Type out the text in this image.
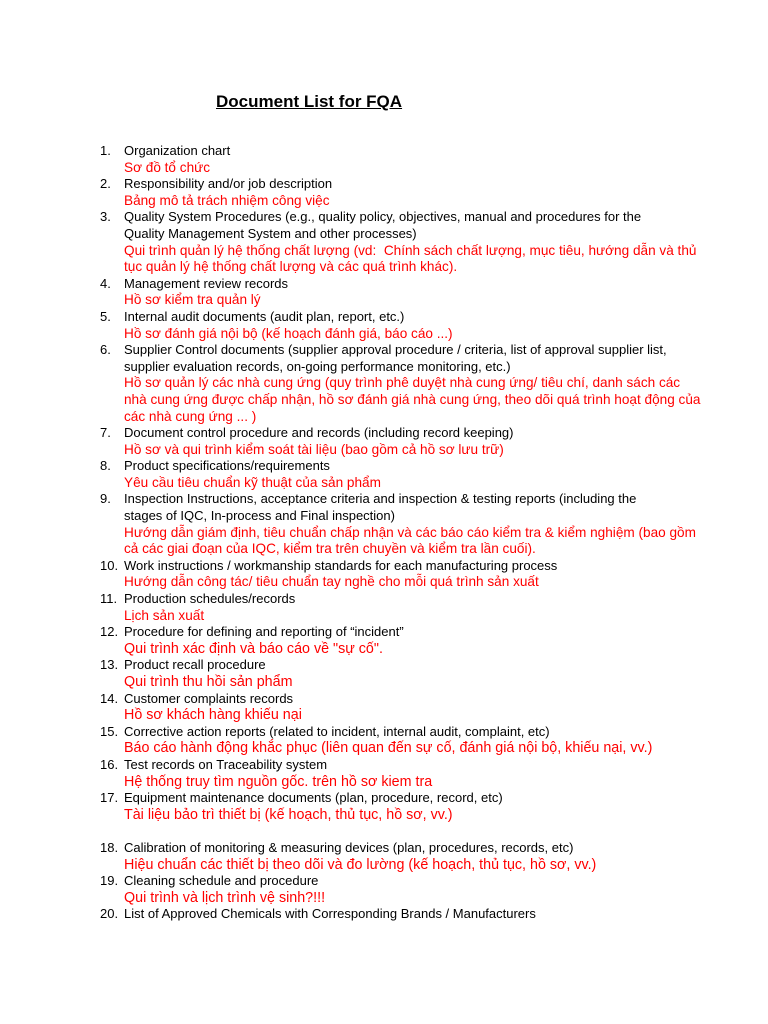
Document List for FQA
1. Organization chart
Sơ đồ tổ chức
2. Responsibility and/or job description
Bảng mô tả trách nhiệm công việc
3. Quality System Procedures (e.g., quality policy, objectives, manual and procedures for the
Quality Management System and other processes)
Qui trình quản lý hệ thống chất lượng (vd:  Chính sách chất lượng, mục tiêu, hướng dẫn và thủ
tục quản lý hệ thống chất lượng và các quá trình khác).
4. Management review records
Hồ sơ kiểm tra quản lý
5. Internal audit documents (audit plan, report, etc.)
Hồ sơ đánh giá nội bộ (kế hoạch đánh giá, báo cáo ...)
6. Supplier Control documents (supplier approval procedure / criteria, list of approval supplier list,
supplier evaluation records, on-going performance monitoring, etc.)
Hồ sơ quản lý các nhà cung ứng (quy trình phê duyệt nhà cung ứng/ tiêu chí, danh sách các
nhà cung ứng được chấp nhận, hồ sơ đánh giá nhà cung ứng, theo dõi quá trình hoạt động của
các nhà cung ứng ... )
7. Document control procedure and records (including record keeping)
Hồ sơ và qui trình kiểm soát tài liệu (bao gồm cả hồ sơ lưu trữ)
8. Product specifications/requirements
Yêu cầu tiêu chuẩn kỹ thuật của sản phẩm
9. Inspection Instructions, acceptance criteria and inspection & testing reports (including the
stages of IQC, In-process and Final inspection)
Hướng dẫn giám định, tiêu chuẩn chấp nhận và các báo cáo kiểm tra & kiểm nghiệm (bao gồm
cả các giai đoạn của IQC, kiểm tra trên chuyền và kiểm tra lần cuối).
10. Work instructions / workmanship standards for each manufacturing process
Hướng dẫn công tác/ tiêu chuẩn tay nghề cho mỗi quá trình sản xuất
11. Production schedules/records
Lịch sản xuất
12. Procedure for defining and reporting of “incident”
Qui trình xác định và báo cáo về "sự cố".
13. Product recall procedure
Qui trình thu hồi sản phẩm
14. Customer complaints records
Hồ sơ khách hàng khiếu nại
15. Corrective action reports (related to incident, internal audit, complaint, etc)
Báo cáo hành động khắc phục (liên quan đến sự cố, đánh giá nội bộ, khiếu nại, vv.)
16. Test records on Traceability system
Hệ thống truy tìm nguồn gốc. trên hồ sơ kiem tra
17. Equipment maintenance documents (plan, procedure, record, etc)
Tài liệu bảo trì thiết bị (kế hoạch, thủ tục, hồ sơ, vv.)
18. Calibration of monitoring & measuring devices (plan, procedures, records, etc)
Hiệu chuẩn các thiết bị theo dõi và đo lường (kế hoạch, thủ tục, hồ sơ, vv.)
19. Cleaning schedule and procedure
Qui trình và lịch trình vệ sinh?!!!
20. List of Approved Chemicals with Corresponding Brands / Manufacturers
